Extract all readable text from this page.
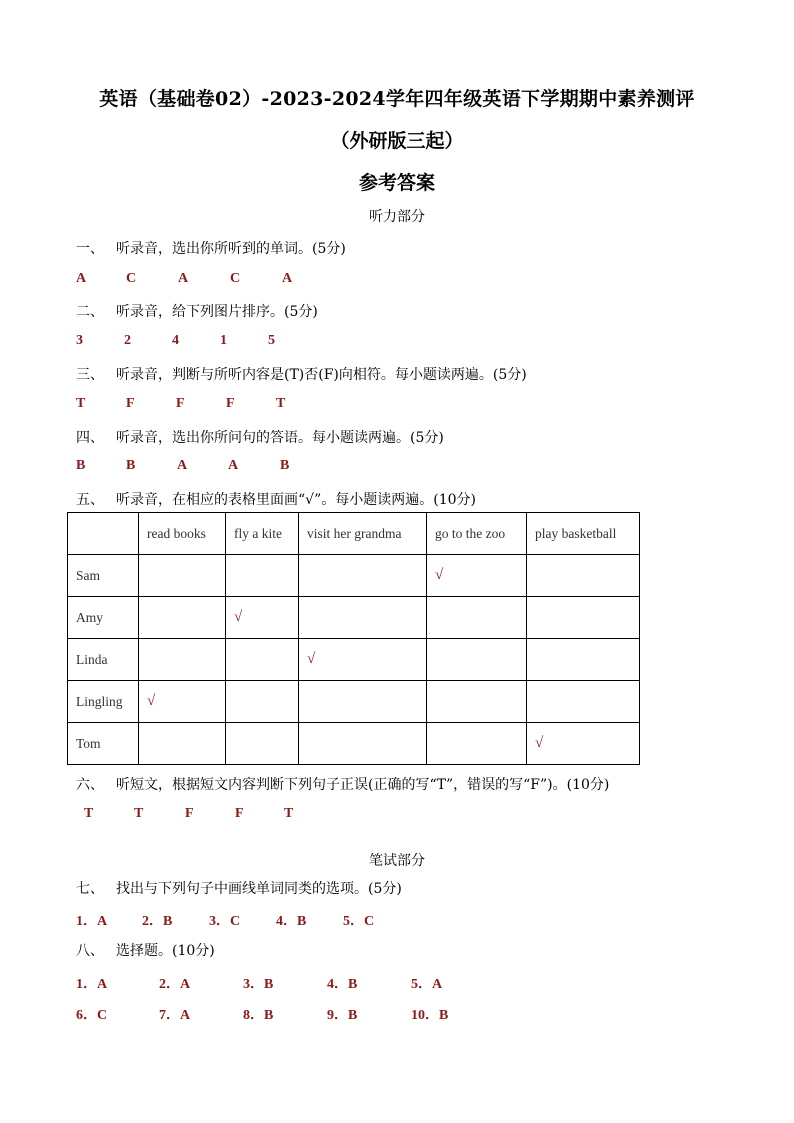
英语（基础卷02）-2023-2024学年四年级英语下学期期中素养测评
（外研版三起）
参考答案
听力部分
一、 听录音，选出你所听到的单词。(5分)
A	C	A	C	A
二、 听录音，给下列图片排序。(5分)
3	2	4	1	5
三、 听录音，判断与所听内容是(T)否(F)向相符。每小题读两遍。(5分)
T	F	F	F	T
四、 听录音，选出你所问句的答语。每小题读两遍。(5分)
B	B	A	A	B
五、 听录音，在相应的表格里面画“√”。每小题读两遍。(10分)
	read books	fly a kite	visit her grandma	go to the zoo	play basketball
Sam				√	
Amy		√			
Linda			√		
Lingling	√				
Tom					√
六、 听短文，根据短文内容判断下列句子正误(正确的写“T”，错误的写“F”)。(10分)
T	T	F	F	T
笔试部分
七、 找出与下列句子中画线单词同类的选项。(5分)
1．A 2．B	3．C	4．B	5．C
八、 选择题。(10分)
1．A	2．A	3．B	4．B	5．A
6．C	7．A	8．B	9．B	10．B
